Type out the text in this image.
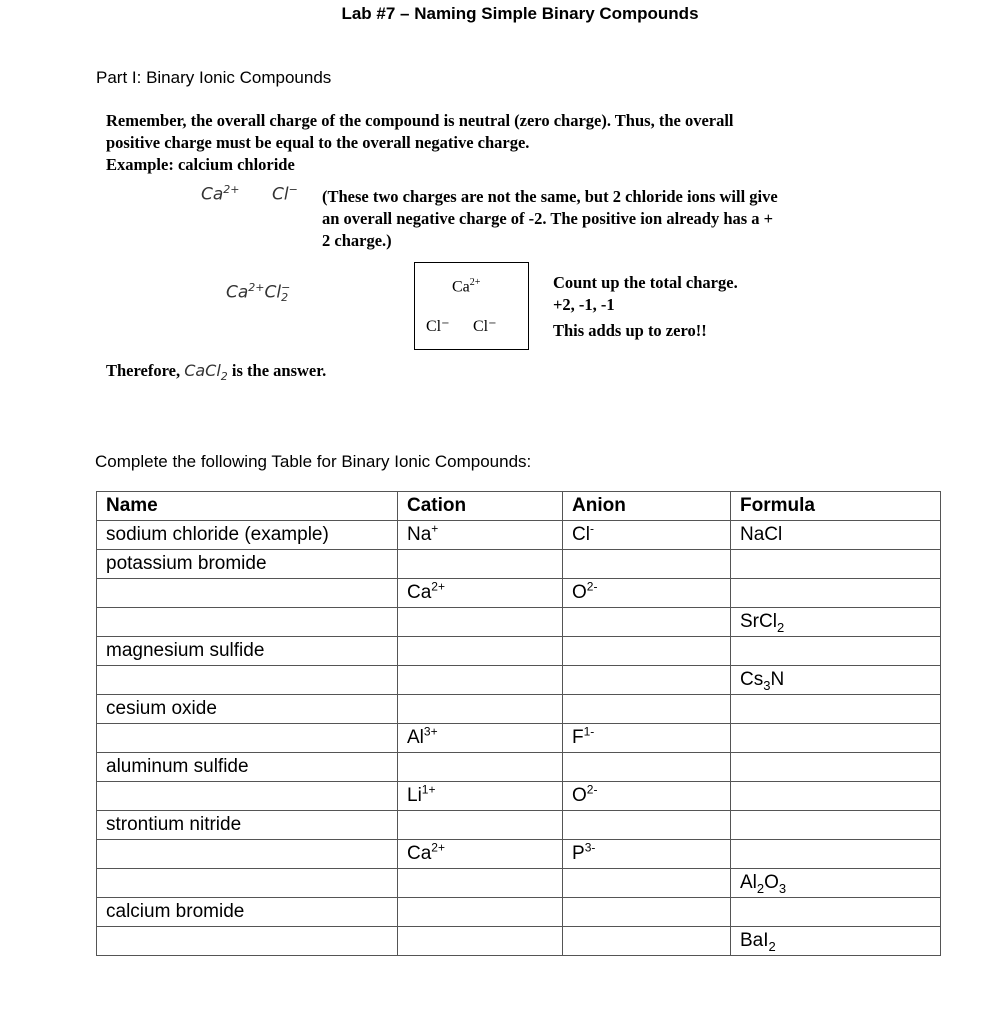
Lab #7 – Naming Simple Binary Compounds
Part I: Binary Ionic Compounds
Remember, the overall charge of the compound is neutral (zero charge). Thus, the overall
positive charge must be equal to the overall negative charge.
Example: calcium chloride
$Ca^{2+}$ Cl− (These two charges are not the same, but 2 chloride ions will give
an overall negative charge of -2. The positive ion already has a +
2 charge.)
$Ca^{2+}Cl$ −
2
$Ca^{2+}$
Cl⁻ Cl⁻
Count up the total charge.
+2, -1, -1
This adds up to zero!!
Therefore, CaCl$_2$ is the answer.
Complete the following Table for Binary Ionic Compounds:
Name	Cation	Anion	Formula
sodium chloride (example)	Na+	Cl-	NaCl
potassium bromide			
	$Ca^{2+}$	$O^{2-}$	
			SrCl$_2$
magnesium sulfide			
			$Cs_3N$
cesium oxide			
	$Al^{3+}$	$F^{1-}$	
aluminum sulfide			
	$Li^{1+}$	$O^{2-}$	
strontium nitride			
	$Ca^{2+}$	$P^{3-}$	
			$Al_2O_3$
calcium bromide			
			BaI$_2$
